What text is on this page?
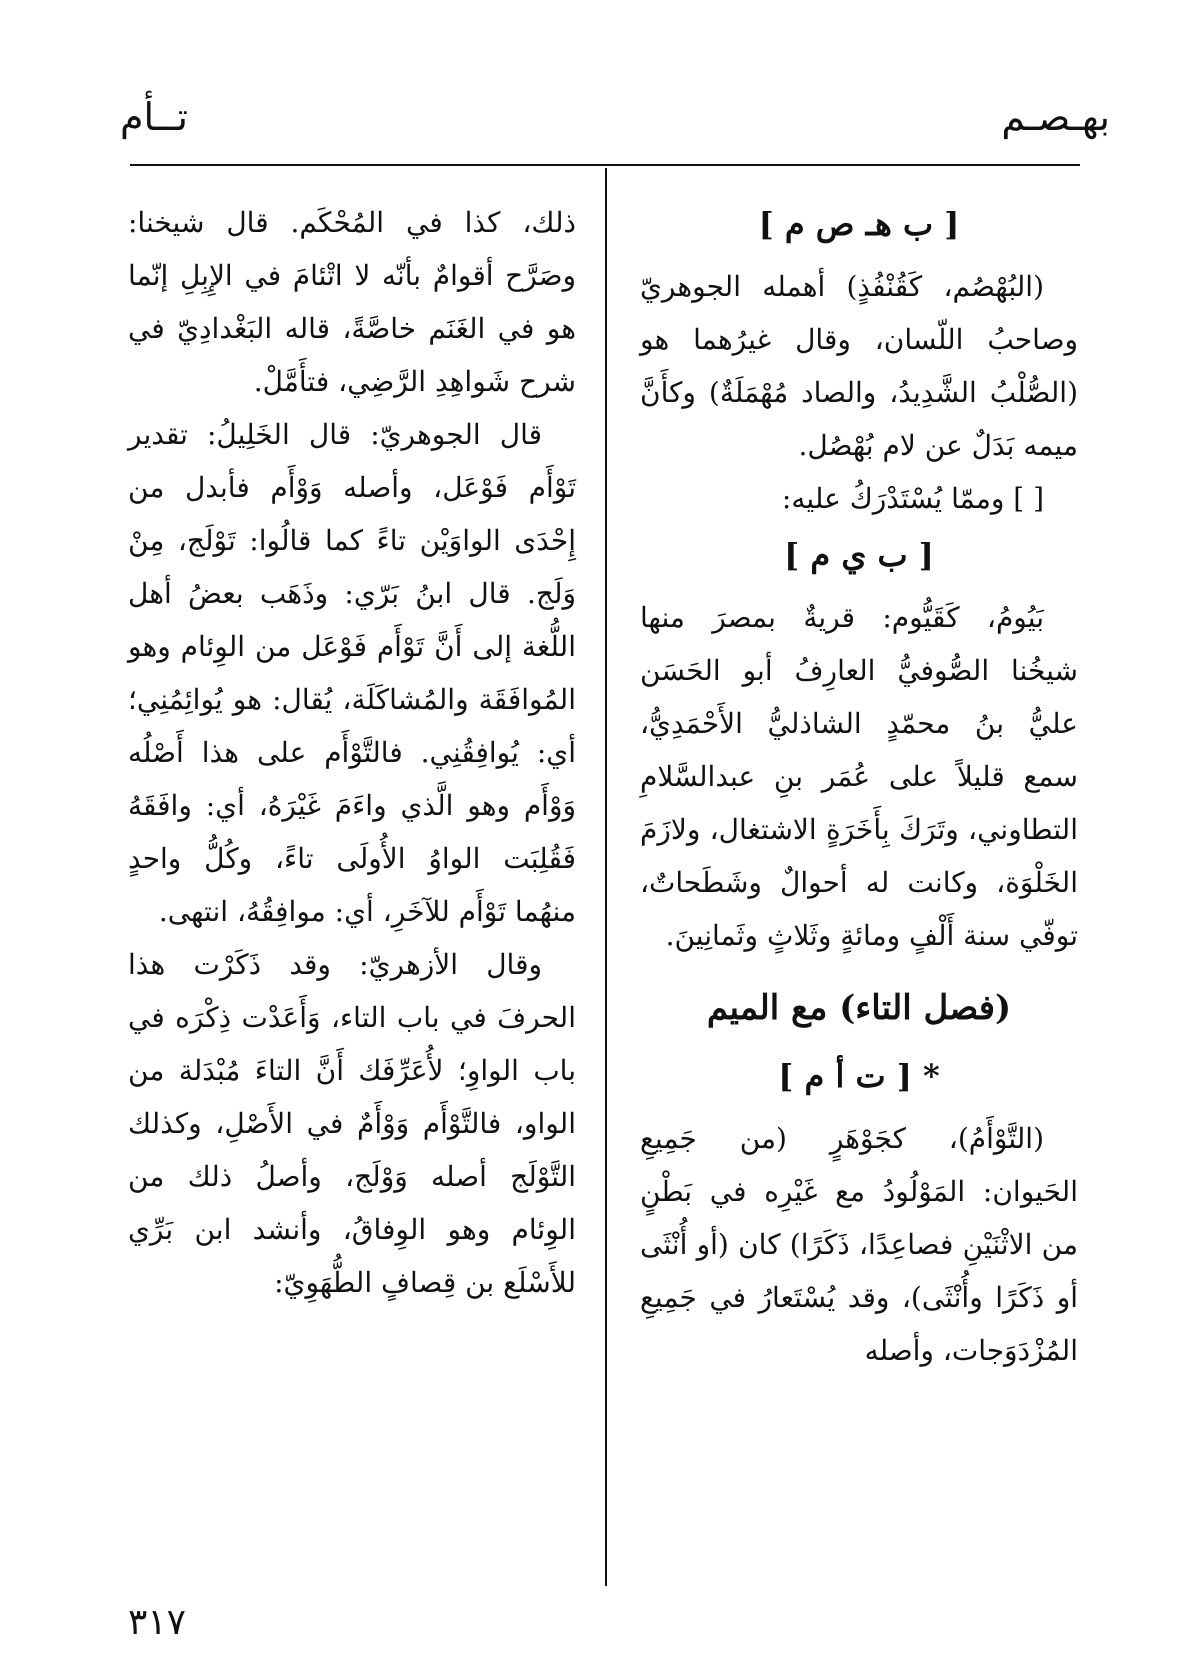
بهـصـم
تــأم
[ ب هـ ص م ]

(البُهْصُم، كَقُنْفُذٍ) أهمله الجوهريّ وصاحبُ اللّسان، وقال غيرُهما هو (الصُّلْبُ الشَّدِيدُ، والصاد مُهْمَلَةٌ) وكأَنَّ ميمه بَدَلٌ عن لام بُهْصُل.

[ ] وممّا يُسْتَدْرَكُ عليه:

[ ب ي م ]

بَيُومُ، كَقَيُّوم: قريةٌ بمصرَ منها شيخُنا الصُّوفيُّ العارِفُ أبو الحَسَن عليُّ بنُ محمّدٍ الشاذليُّ الأَحْمَدِيُّ، سمع قليلاً على عُمَر بنِ عبدالسَّلامِ التطاوني، وتَرَكَ بِأَخَرَةٍ الاشتغال، ولازَمَ الخَلْوَة، وكانت له أحوالٌ وشَطَحاتٌ، توفّي سنة أَلْفٍ ومائةٍ وثَلاثٍ وثَمانِينَ.

(فصل التاء) مع الميم
* [ ت أ م ]

(التَّوْأَمُ)، كجَوْهَرٍ (من جَمِيعِ الحَيوان: المَوْلُودُ مع غَيْرِه في بَطْنٍ من الاثْنَيْنِ فصاعِدًا، ذَكَرًا) كان (أو أُنْثَى أو ذَكَرًا وأُنْثَى)، وقد يُسْتَعارُ في جَمِيعِ المُزْدَوَجات، وأصله

ذلك، كذا في المُحْكَم. قال شيخنا: وصَرَّح أقوامٌ بأنّه لا اتْئامَ في الإِبِلِ إنّما هو في الغَنَم خاصَّةً، قاله البَغْدادِيّ في شرح شَواهِدِ الرَّضِي، فتأَمَّلْ.

قال الجوهريّ: قال الخَلِيلُ: تقدير تَوْأَم فَوْعَل، وأصله وَوْأَم فأبدل من إِحْدَى الواوَيْن تاءً كما قالُوا: تَوْلَج، مِنْ وَلَج. قال ابنُ بَرّي: وذَهَب بعضُ أهل اللُّغة إلى أَنَّ تَوْأَم فَوْعَل من الوِئام وهو المُوافَقَة والمُشاكَلَة، يُقال: هو يُوائِمُنِي؛ أي: يُوافِقُنِي. فالتَّوْأَم على هذا أَصْلُه وَوْأَم وهو الَّذي واءَمَ غَيْرَهُ، أي: وافَقَهُ فَقُلِبَت الواوُ الأُولَى تاءً، وكُلُّ واحدٍ منهُما تَوْأَم للآخَرِ، أي: موافِقُهُ، انتهى.

وقال الأزهريّ: وقد ذَكَرْت هذا الحرفَ في باب التاء، وَأَعَدْت ذِكْرَه في باب الواوِ؛ لأُعَرِّفَك أَنَّ التاءَ مُبْدَلة من الواو، فالتَّوْأَم وَوْأَمٌ في الأَصْلِ، وكذلك التَّوْلَج أصله وَوْلَج، وأصلُ ذلك من الوِئام وهو الوِفاقُ، وأنشد ابن بَرِّي للأَسْلَع بن قِصافٍ الطُّهَوِيّ:

٣١٧
